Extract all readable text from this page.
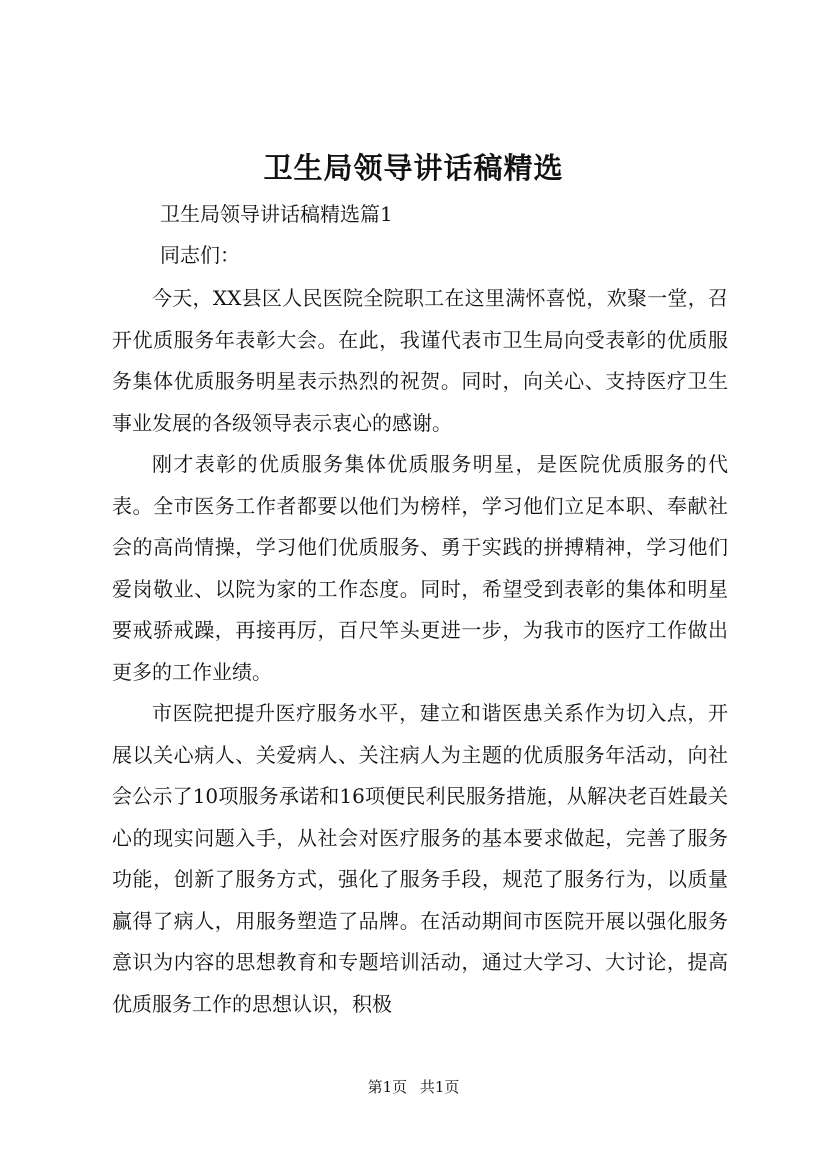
卫生局领导讲话稿精选
卫生局领导讲话稿精选篇1
同志们：

今天，XX县区人民医院全院职工在这里满怀喜悦，欢聚一堂，召开优质服务年表彰大会。在此，我谨代表市卫生局向受表彰的优质服务集体优质服务明星表示热烈的祝贺。同时，向关心、支持医疗卫生事业发展的各级领导表示衷心的感谢。

刚才表彰的优质服务集体优质服务明星，是医院优质服务的代表。全市医务工作者都要以他们为榜样，学习他们立足本职、奉献社会的高尚情操，学习他们优质服务、勇于实践的拼搏精神，学习他们爱岗敬业、以院为家的工作态度。同时，希望受到表彰的集体和明星要戒骄戒躁，再接再厉，百尺竿头更进一步，为我市的医疗工作做出更多的工作业绩。

市医院把提升医疗服务水平，建立和谐医患关系作为切入点，开展以关心病人、关爱病人、关注病人为主题的优质服务年活动，向社会公示了10项服务承诺和16项便民利民服务措施，从解决老百姓最关心的现实问题入手，从社会对医疗服务的基本要求做起，完善了服务功能，创新了服务方式，强化了服务手段，规范了服务行为，以质量赢得了病人，用服务塑造了品牌。在活动期间市医院开展以强化服务意识为内容的思想教育和专题培训活动，通过大学习、大讨论，提高优质服务工作的思想认识，积极

第1页 共1页
